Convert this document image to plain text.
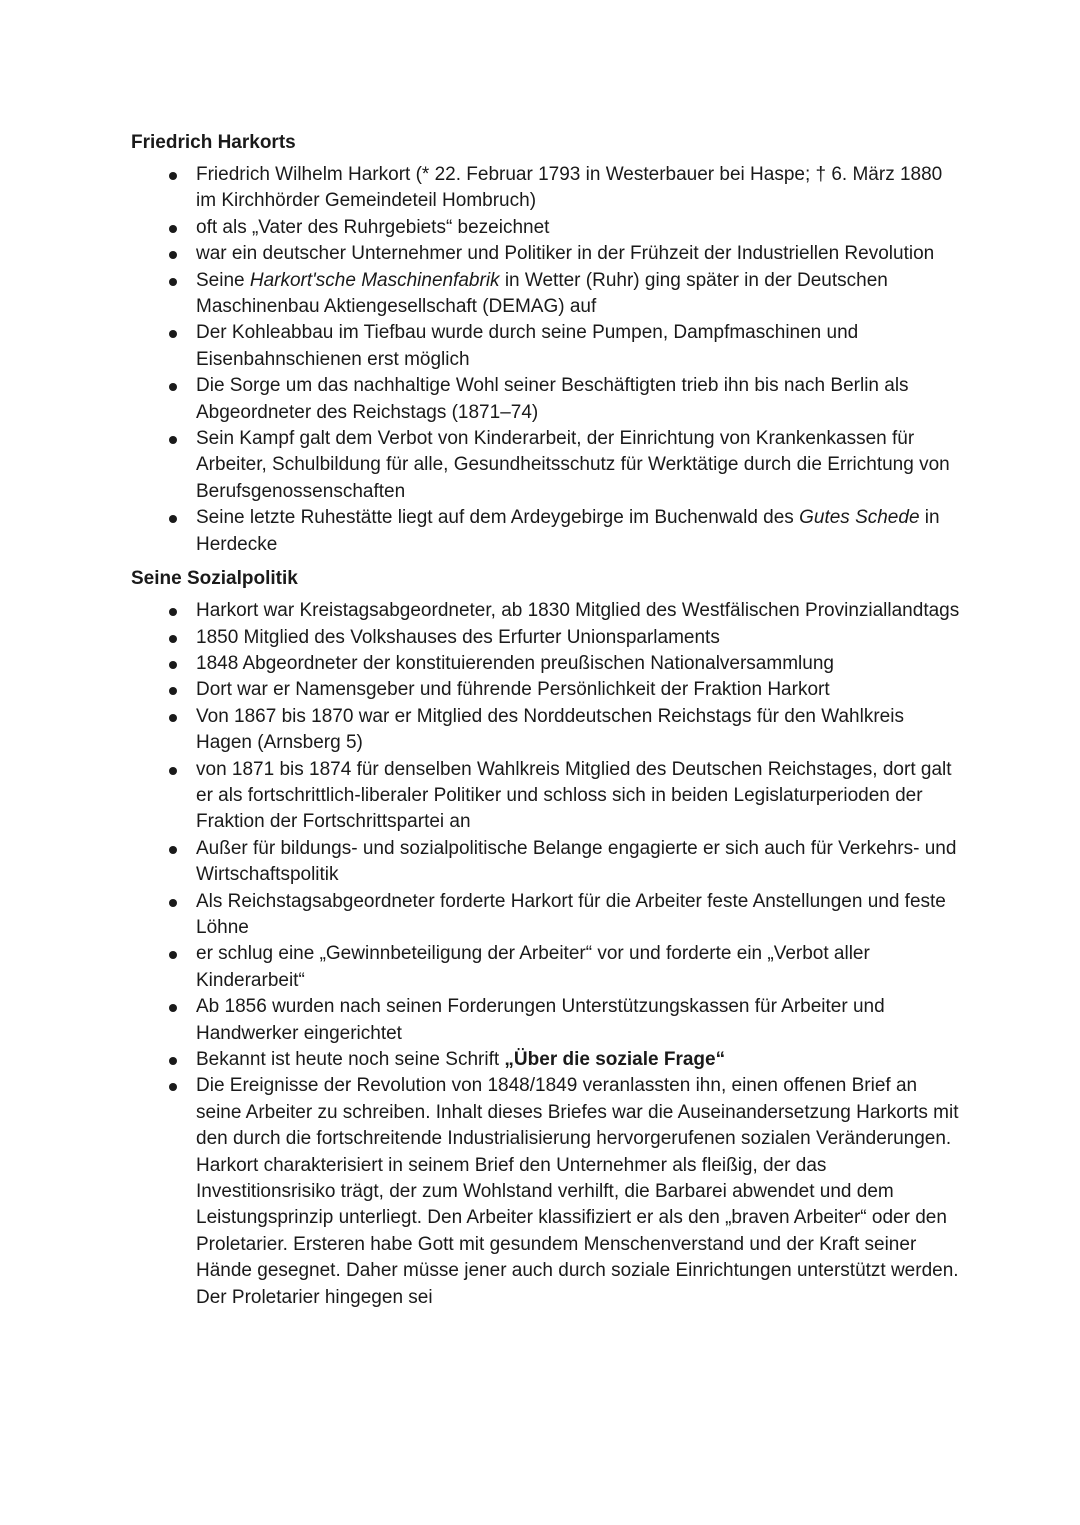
Friedrich Harkorts
Friedrich Wilhelm Harkort (* 22. Februar 1793 in Westerbauer bei Haspe; † 6. März 1880 im Kirchhörder Gemeindeteil Hombruch)
oft als „Vater des Ruhrgebiets“ bezeichnet
war ein deutscher Unternehmer und Politiker in der Frühzeit der Industriellen Revolution
Seine Harkort'sche Maschinenfabrik in Wetter (Ruhr) ging später in der Deutschen Maschinenbau Aktiengesellschaft (DEMAG) auf
Der Kohleabbau im Tiefbau wurde durch seine Pumpen, Dampfmaschinen und Eisenbahnschienen erst möglich
Die Sorge um das nachhaltige Wohl seiner Beschäftigten trieb ihn bis nach Berlin als Abgeordneter des Reichstags (1871–74)
Sein Kampf galt dem Verbot von Kinderarbeit, der Einrichtung von Krankenkassen für Arbeiter, Schulbildung für alle, Gesundheitsschutz für Werktätige durch die Errichtung von Berufsgenossenschaften
Seine letzte Ruhestätte liegt auf dem Ardeygebirge im Buchenwald des Gutes Schede in Herdecke
Seine Sozialpolitik
Harkort war Kreistagsabgeordneter, ab 1830 Mitglied des Westfälischen Provinziallandtags
1850 Mitglied des Volkshauses des Erfurter Unionsparlaments
1848 Abgeordneter der konstituierenden preußischen Nationalversammlung
Dort war er Namensgeber und führende Persönlichkeit der Fraktion Harkort
Von 1867 bis 1870 war er Mitglied des Norddeutschen Reichstags für den Wahlkreis Hagen (Arnsberg 5)
von 1871 bis 1874 für denselben Wahlkreis Mitglied des Deutschen Reichstages, dort galt er als fortschrittlich-liberaler Politiker und schloss sich in beiden Legislaturperioden der Fraktion der Fortschrittspartei an
Außer für bildungs- und sozialpolitische Belange engagierte er sich auch für Verkehrs- und Wirtschaftspolitik
Als Reichstagsabgeordneter forderte Harkort für die Arbeiter feste Anstellungen und feste Löhne
er schlug eine „Gewinnbeteiligung der Arbeiter“ vor und forderte ein „Verbot aller Kinderarbeit“
Ab 1856 wurden nach seinen Forderungen Unterstützungskassen für Arbeiter und Handwerker eingerichtet
Bekannt ist heute noch seine Schrift „Über die soziale Frage“
Die Ereignisse der Revolution von 1848/1849 veranlassten ihn, einen offenen Brief an seine Arbeiter zu schreiben. Inhalt dieses Briefes war die Auseinandersetzung Harkorts mit den durch die fortschreitende Industrialisierung hervorgerufenen sozialen Veränderungen. Harkort charakterisiert in seinem Brief den Unternehmer als fleißig, der das Investitionsrisiko trägt, der zum Wohlstand verhilft, die Barbarei abwendet und dem Leistungsprinzip unterliegt. Den Arbeiter klassifiziert er als den „braven Arbeiter“ oder den Proletarier. Ersteren habe Gott mit gesundem Menschenverstand und der Kraft seiner Hände gesegnet. Daher müsse jener auch durch soziale Einrichtungen unterstützt werden. Der Proletarier hingegen sei
